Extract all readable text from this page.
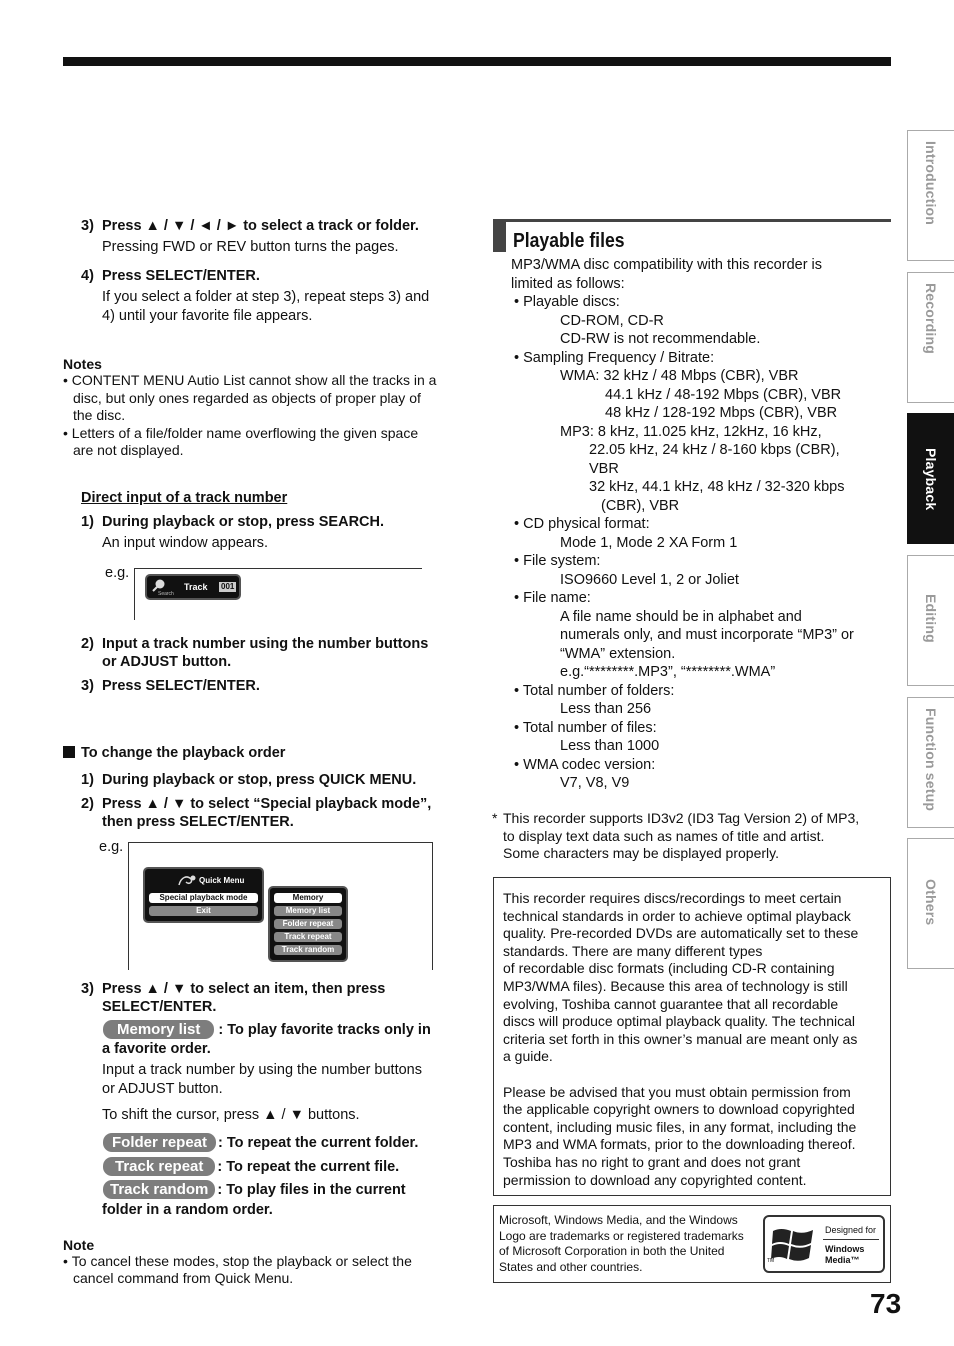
Introduction
Recording
Playback
Editing
Function setup
Others
3) Press ▲ / ▼ / ◄ / ► to select a track or folder.
Pressing FWD or REV button turns the pages.
4) Press SELECT/ENTER.
If you select a folder at step 3), repeat steps 3) and
4) until your favorite file appears.
Notes
• CONTENT MENU Autio List cannot show all the tracks in a
disc, but only ones regarded as objects of proper play of
the disc.
• Letters of a file/folder name overflowing the given space
are not displayed.
Direct input of a track number
1) During playback or stop, press SEARCH.
An input window appears.
e.g.
Search
Track 001
2) Input a track number using the number buttons
or ADJUST button.
3) Press SELECT/ENTER.
To change the playback order
1) During playback or stop, press QUICK MENU.
2) Press ▲ / ▼ to select “Special playback mode”,
then press SELECT/ENTER.
e.g.
Quick Menu
Special playback mode
Exit
Memory
Memory list
Folder repeat
Track repeat
Track random
3) Press ▲ / ▼ to select an item, then press
SELECT/ENTER.
Memory list : To play favorite tracks only in
a favorite order.
Input a track number by using the number buttons
or ADJUST button.
To shift the cursor, press ▲ / ▼ buttons.
Folder repeat : To repeat the current folder.
Track repeat : To repeat the current file.
Track random : To play files in the current
folder in a random order.
Note
• To cancel these modes, stop the playback or select the
cancel command from Quick Menu.
Playable files
MP3/WMA disc compatibility with this recorder is
limited as follows:
• Playable discs:
CD-ROM, CD-R
CD-RW is not recommendable.
• Sampling Frequency / Bitrate:
WMA: 32 kHz / 48 Mbps (CBR), VBR
44.1 kHz / 48-192 Mbps (CBR), VBR
48 kHz / 128-192 Mbps (CBR), VBR
MP3: 8 kHz, 11.025 kHz, 12kHz, 16 kHz,
22.05 kHz, 24 kHz / 8-160 kbps (CBR),
VBR
32 kHz, 44.1 kHz, 48 kHz / 32-320 kbps
(CBR), VBR
• CD physical format:
Mode 1, Mode 2 XA Form 1
• File system:
ISO9660 Level 1, 2 or Joliet
• File name:
A file name should be in alphabet and
numerals only, and must incorporate “MP3” or
“WMA” extension.
e.g.“********.MP3”, “********.WMA”
• Total number of folders:
Less than 256
• Total number of files:
Less than 1000
• WMA codec version:
V7, V8, V9
* This recorder supports ID3v2 (ID3 Tag Version 2) of MP3,
to display text data such as names of title and artist.
Some characters may be displayed properly.
This recorder requires discs/recordings to meet certain
technical standards in order to achieve optimal playback
quality. Pre-recorded DVDs are automatically set to these
standards. There are many different types
of recordable disc formats (including CD-R containing
MP3/WMA files). Because this area of technology is still
evolving, Toshiba cannot guarantee that all recordable
discs will produce optimal playback quality. The technical
criteria set forth in this owner’s manual are meant only as
a guide.
Please be advised that you must obtain permission from
the applicable copyright owners to download copyrighted
content, including music files, in any format, including the
MP3 and WMA formats, prior to the downloading thereof.
Toshiba has no right to grant and does not grant
permission to download any copyrighted content.
Microsoft, Windows Media, and the Windows
Logo are trademarks or registered trademarks
of Microsoft Corporation in both the United
States and other countries.	TM
Designed for
Windows
Media™
73
